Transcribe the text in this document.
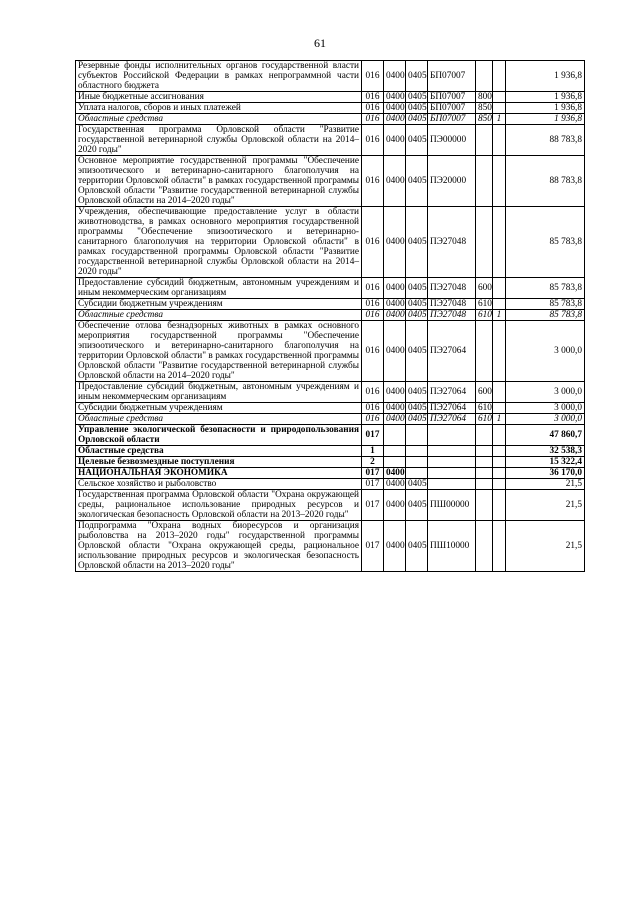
61
Резервные фонды исполнительных органов государственной власти субъектов Российской Федерации в рамках непрограммной части областного бюджета	016	0400	0405	БП07007			1 936,8
Иные бюджетные ассигнования	016	0400	0405	БП07007	800		1 936,8
Уплата налогов, сборов и иных платежей	016	0400	0405	БП07007	850		1 936,8
Областные средства	016	0400	0405	БП07007	850	1	1 936,8
Государственная программа Орловской области "Развитие государственной ветеринарной службы Орловской области на 2014–2020 годы"	016	0400	0405	ПЭ00000			88 783,8
Основное мероприятие государственной программы "Обеспечение эпизоотического и ветеринарно-санитарного благополучия на территории Орловской области" в рамках государственной программы Орловской области "Развитие государственной ветеринарной службы Орловской области на 2014–2020 годы"	016	0400	0405	ПЭ20000			88 783,8
Учреждения, обеспечивающие предоставление услуг в области животноводства, в рамках основного мероприятия государственной программы "Обеспечение эпизоотического и ветеринарно-санитарного благополучия на территории Орловской области" в рамках государственной программы Орловской области "Развитие государственной ветеринарной службы Орловской области на 2014–2020 годы"	016	0400	0405	ПЭ27048			85 783,8
Предоставление субсидий бюджетным, автономным учреждениям и иным некоммерческим организациям	016	0400	0405	ПЭ27048	600		85 783,8
Субсидии бюджетным учреждениям	016	0400	0405	ПЭ27048	610		85 783,8
Областные средства	016	0400	0405	ПЭ27048	610	1	85 783,8
Обеспечение отлова безнадзорных животных в рамках основного мероприятия государственной программы "Обеспечение эпизоотического и ветеринарно-санитарного благополучия на территории Орловской области" в рамках государственной программы Орловской области "Развитие государственной ветеринарной службы Орловской области на 2014–2020 годы"	016	0400	0405	ПЭ27064			3 000,0
Предоставление субсидий бюджетным, автономным учреждениям и иным некоммерческим организациям	016	0400	0405	ПЭ27064	600		3 000,0
Субсидии бюджетным учреждениям	016	0400	0405	ПЭ27064	610		3 000,0
Областные средства	016	0400	0405	ПЭ27064	610	1	3 000,0
Управление экологической безопасности и природопользования Орловской области	017						47 860,7
Областные средства	1						32 538,3
Целевые безвозмездные поступления	2						15 322,4
НАЦИОНАЛЬНАЯ ЭКОНОМИКА	017	0400					36 170,0
Сельское хозяйство и рыболовство	017	0400	0405				21,5
Государственная программа Орловской области "Охрана окружающей среды, рациональное использование природных ресурсов и экологическая безопасность Орловской области на 2013–2020 годы"	017	0400	0405	ПШ00000			21,5
Подпрограмма "Охрана водных биоресурсов и организация рыболовства на 2013–2020 годы" государственной программы Орловской области "Охрана окружающей среды, рациональное использование природных ресурсов и экологическая безопасность Орловской области на 2013–2020 годы"	017	0400	0405	ПШ10000			21,5
